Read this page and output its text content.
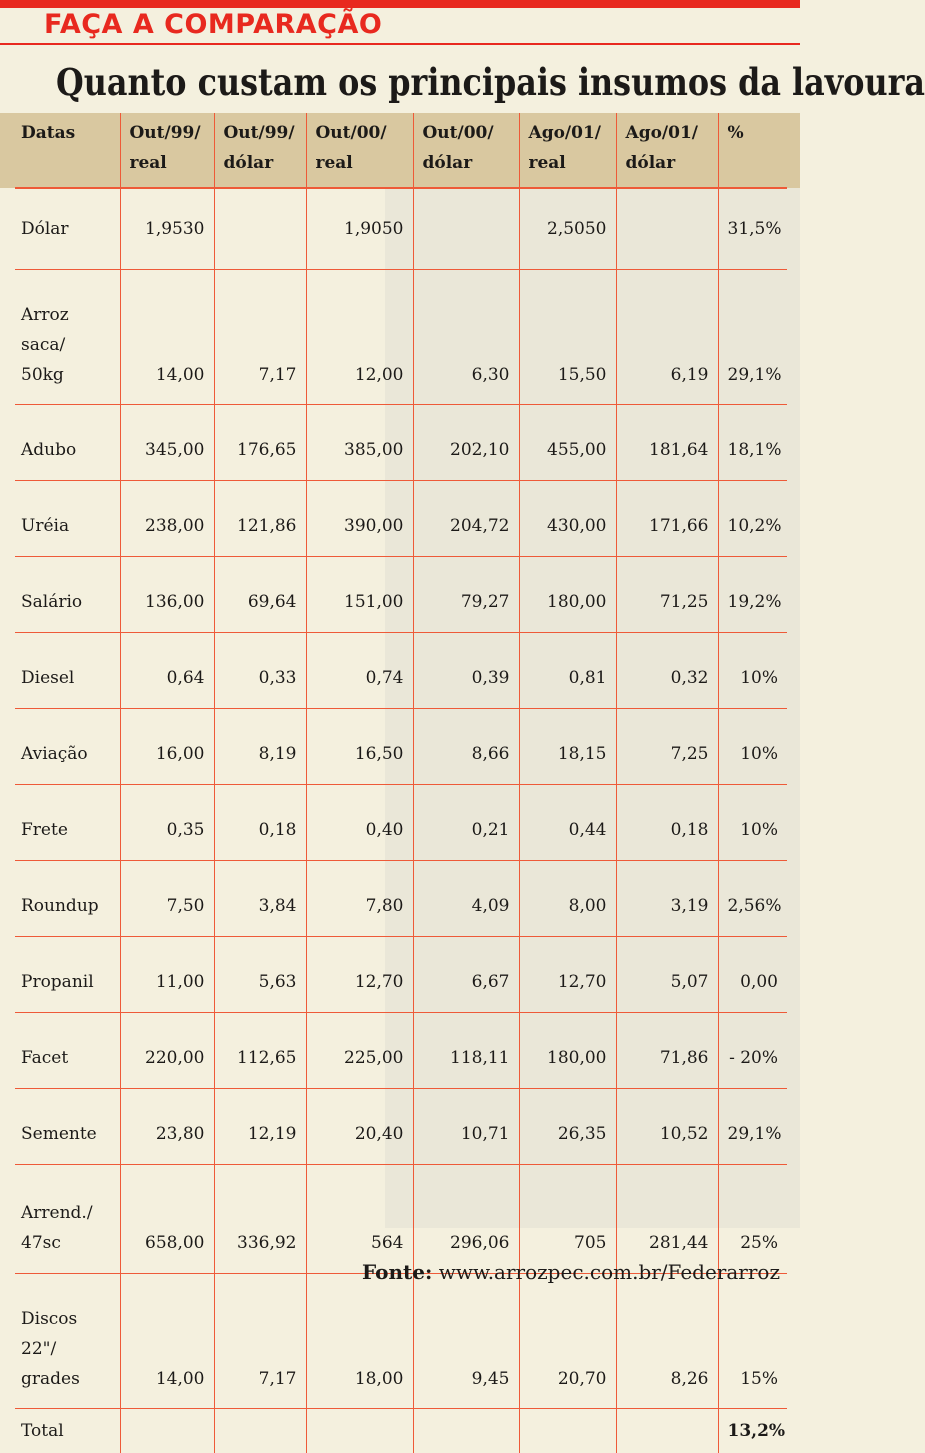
FAÇA A COMPARAÇÃO
Quanto custam os principais insumos da lavoura
Datas	Out/99/ real	Out/99/ dólar	Out/00/ real	Out/00/ dólar	Ago/01/ real	Ago/01/ dólar	%
Dólar	1,9530		1,9050		2,5050		31,5%
Arroz saca/ 50kg	14,00	7,17	12,00	6,30	15,50	6,19	29,1%
Adubo	345,00	176,65	385,00	202,10	455,00	181,64	18,1%
Uréia	238,00	121,86	390,00	204,72	430,00	171,66	10,2%
Salário	136,00	69,64	151,00	79,27	180,00	71,25	19,2%
Diesel	0,64	0,33	0,74	0,39	0,81	0,32	10%
Aviação	16,00	8,19	16,50	8,66	18,15	7,25	10%
Frete	0,35	0,18	0,40	0,21	0,44	0,18	10%
Roundup	7,50	3,84	7,80	4,09	8,00	3,19	2,56%
Propanil	11,00	5,63	12,70	6,67	12,70	5,07	0,00
Facet	220,00	112,65	225,00	118,11	180,00	71,86	- 20%
Semente	23,80	12,19	20,40	10,71	26,35	10,52	29,1%
Arrend./ 47sc	658,00	336,92	564	296,06	705	281,44	25%
Discos 22"/ grades	14,00	7,17	18,00	9,45	20,70	8,26	15%
Total							13,2%
Fonte: www.arrozpec.com.br/Federarroz
